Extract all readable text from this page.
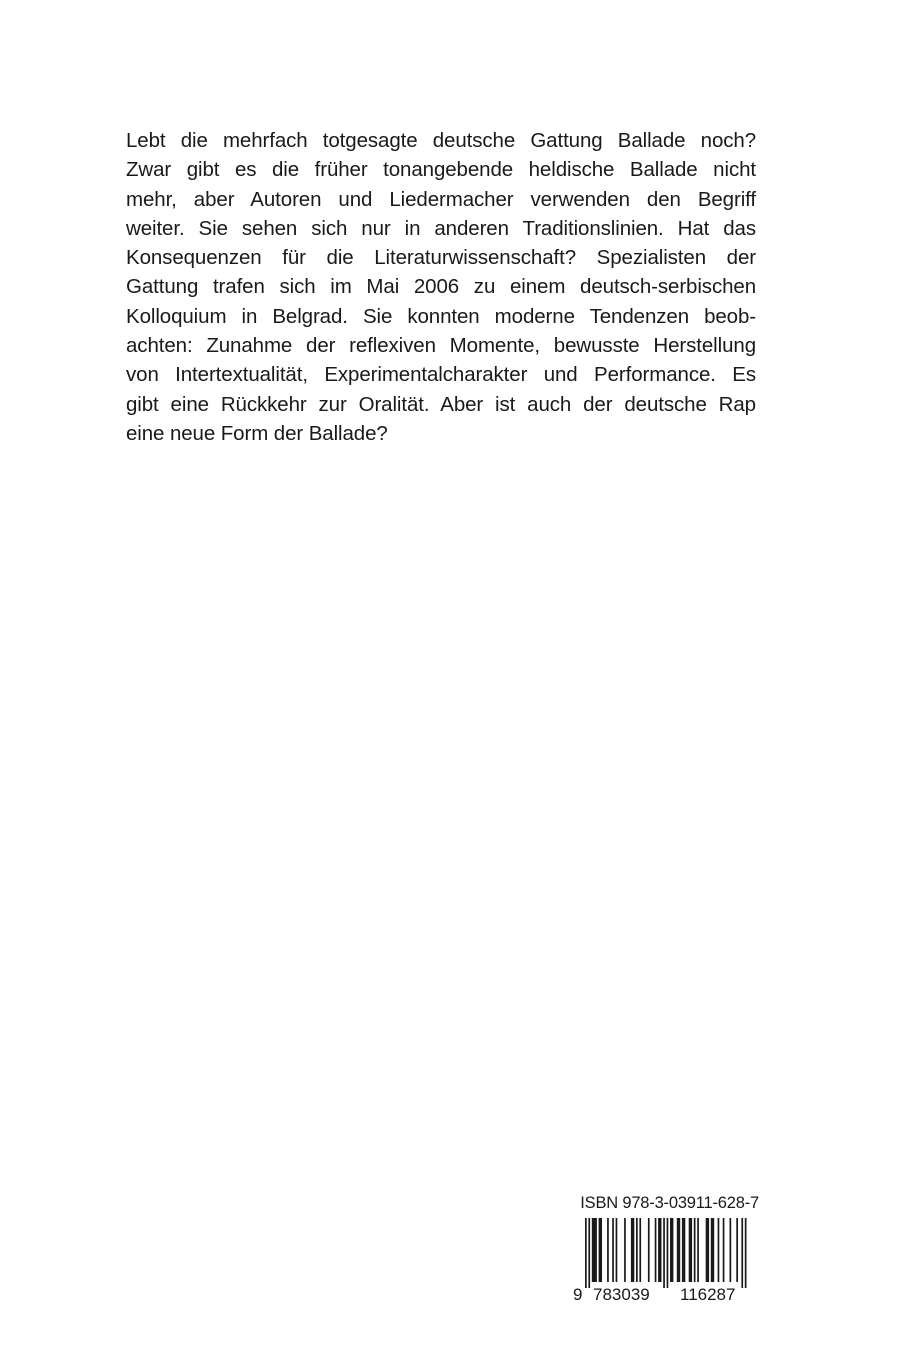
Lebt die mehrfach totgesagte deutsche Gattung Ballade noch?
Zwar gibt es die früher tonangebende heldische Ballade nicht
mehr, aber Autoren und Liedermacher verwenden den Begriff
weiter. Sie sehen sich nur in anderen Traditionslinien. Hat das
Konsequenzen für die Literaturwissenschaft? Spezialisten der
Gattung trafen sich im Mai 2006 zu einem deutsch-serbischen
Kolloquium in Belgrad. Sie konnten moderne Tendenzen beob-
achten: Zunahme der reflexiven Momente, bewusste Herstellung
von Intertextualität, Experimentalcharakter und Performance. Es
gibt eine Rückkehr zur Oralität. Aber ist auch der deutsche Rap
eine neue Form der Ballade?
ISBN 978-3-03911-628-7
9 783039	116287
